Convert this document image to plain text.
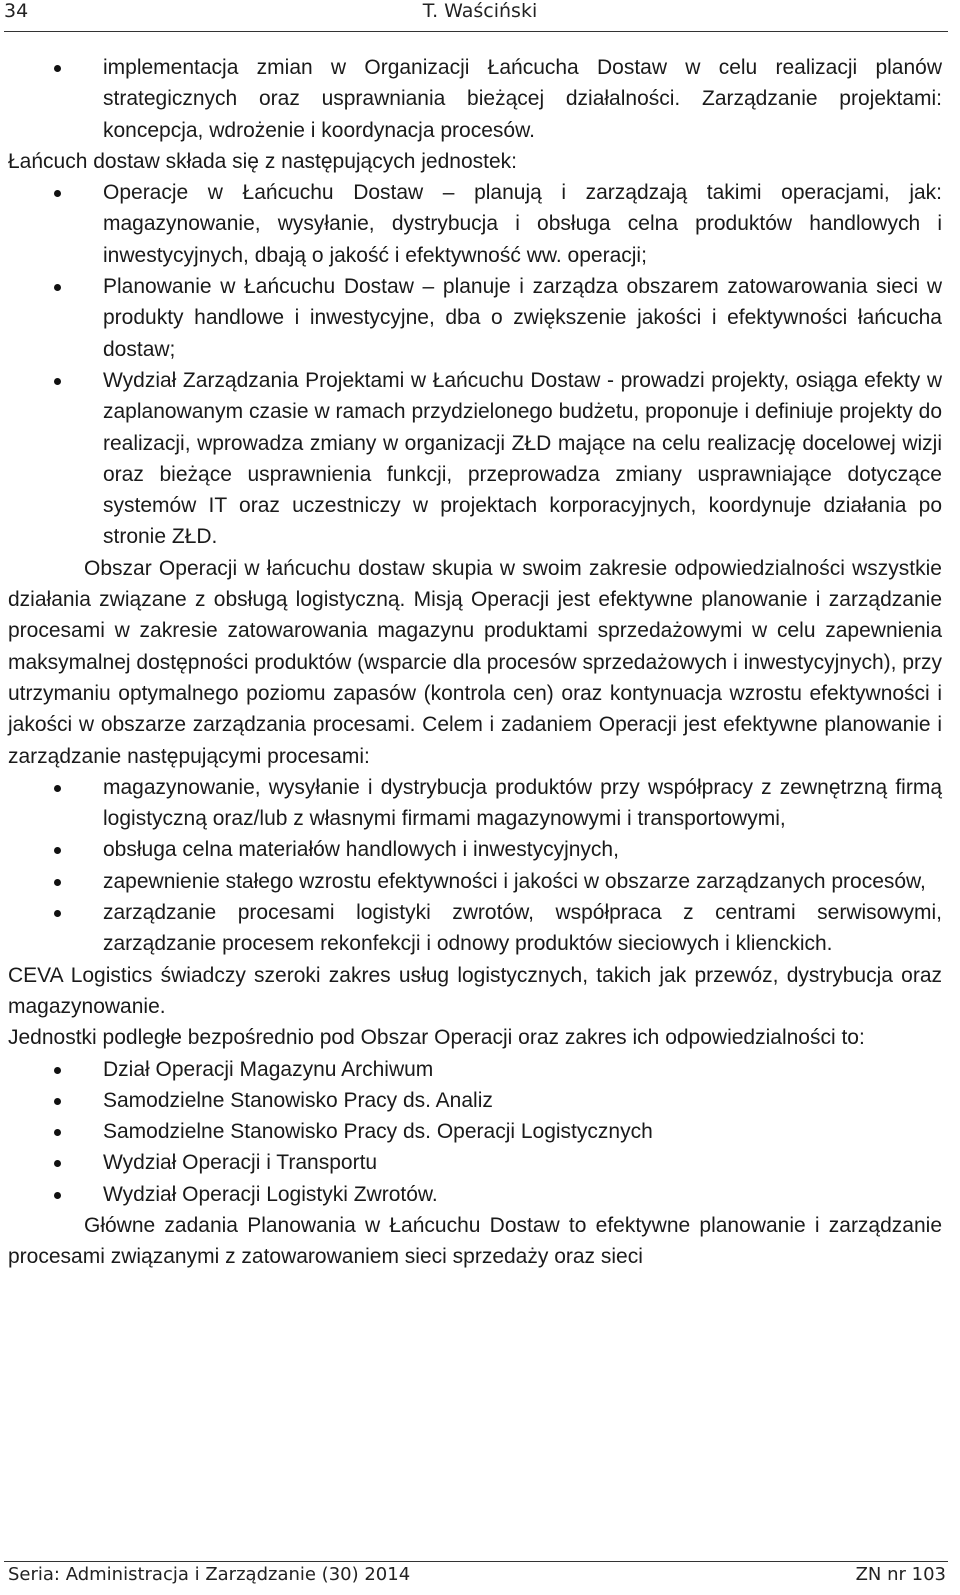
34	T. Waściński
implementacja zmian w Organizacji Łańcucha Dostaw w celu realizacji planów strategicznych oraz usprawniania bieżącej działalności. Zarządzanie projektami: koncepcja, wdrożenie i koordynacja procesów.

Łańcuch dostaw składa się z następujących jednostek:

Operacje w Łańcuchu Dostaw – planują i zarządzają takimi operacjami, jak: magazynowanie, wysyłanie, dystrybucja i obsługa celna produktów handlowych i inwestycyjnych, dbają o jakość i efektywność ww. operacji;
Planowanie w Łańcuchu Dostaw – planuje i zarządza obszarem zatowarowania sieci w produkty handlowe i inwestycyjne, dba o zwiększenie jakości i efektywności łańcucha dostaw;
Wydział Zarządzania Projektami w Łańcuchu Dostaw - prowadzi projekty, osiąga efekty w zaplanowanym czasie w ramach przydzielonego budżetu, proponuje i definiuje projekty do realizacji, wprowadza zmiany w organizacji ZŁD mające na celu realizację docelowej wizji oraz bieżące usprawnienia funkcji, przeprowadza zmiany usprawniające dotyczące systemów IT oraz uczestniczy w projektach korporacyjnych, koordynuje działania po stronie ZŁD.

Obszar Operacji w łańcuchu dostaw skupia w swoim zakresie odpowiedzialności wszystkie działania związane z obsługą logistyczną. Misją Operacji jest efektywne planowanie i zarządzanie procesami w zakresie zatowarowania magazynu produktami sprzedażowymi w celu zapewnienia maksymalnej dostępności produktów (wsparcie dla procesów sprzedażowych i inwestycyjnych), przy utrzymaniu optymalnego poziomu zapasów (kontrola cen) oraz kontynuacja wzrostu efektywności i jakości w obszarze zarządzania procesami. Celem i zadaniem Operacji jest efektywne planowanie i zarządzanie następującymi procesami:

magazynowanie, wysyłanie i dystrybucja produktów przy współpracy z zewnętrzną firmą logistyczną oraz/lub z własnymi firmami magazynowymi i transportowymi,
obsługa celna materiałów handlowych i inwestycyjnych,
zapewnienie stałego wzrostu efektywności i jakości w obszarze zarządzanych procesów,
zarządzanie procesami logistyki zwrotów, współpraca z centrami serwisowymi, zarządzanie procesem rekonfekcji i odnowy produktów sieciowych i klienckich.

CEVA Logistics świadczy szeroki zakres usług logistycznych, takich jak przewóz, dystrybucja oraz magazynowanie.

Jednostki podległe bezpośrednio pod Obszar Operacji oraz zakres ich odpowiedzialności to:

Dział Operacji Magazynu Archiwum
Samodzielne Stanowisko Pracy ds. Analiz
Samodzielne Stanowisko Pracy ds. Operacji Logistycznych
Wydział Operacji i Transportu
Wydział Operacji Logistyki Zwrotów.

Główne zadania Planowania w Łańcuchu Dostaw to efektywne planowanie i zarządzanie procesami związanymi z zatowarowaniem sieci sprzedaży oraz sieci

Seria: Administracja i Zarządzanie (30) 2014	ZN nr 103
